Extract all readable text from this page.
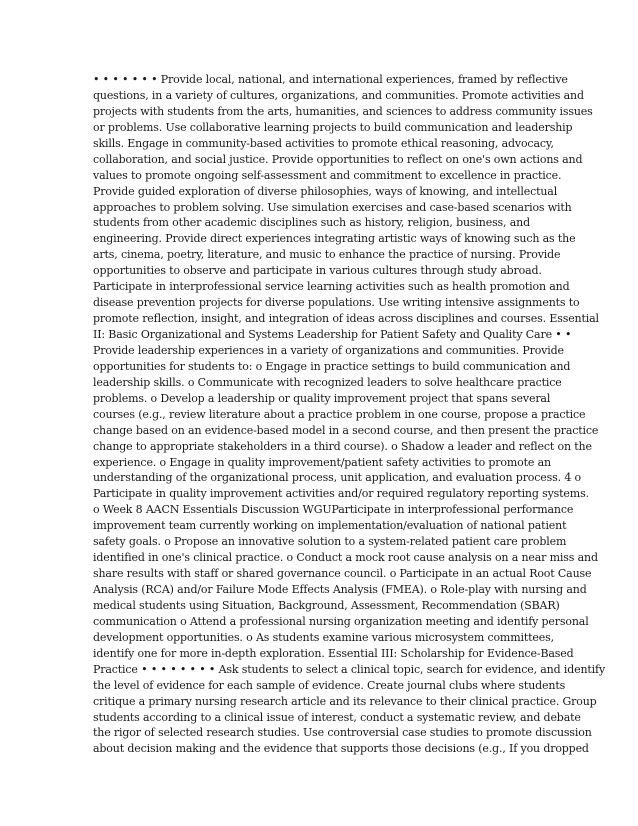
• • • • • • • Provide local, national, and international experiences, framed by reflective
questions, in a variety of cultures, organizations, and communities. Promote activities and
projects with students from the arts, humanities, and sciences to address community issues
or problems. Use collaborative learning projects to build communication and leadership
skills. Engage in community-based activities to promote ethical reasoning, advocacy,
collaboration, and social justice. Provide opportunities to reflect on one's own actions and
values to promote ongoing self-assessment and commitment to excellence in practice.
Provide guided exploration of diverse philosophies, ways of knowing, and intellectual
approaches to problem solving. Use simulation exercises and case-based scenarios with
students from other academic disciplines such as history, religion, business, and
engineering. Provide direct experiences integrating artistic ways of knowing such as the
arts, cinema, poetry, literature, and music to enhance the practice of nursing. Provide
opportunities to observe and participate in various cultures through study abroad.
Participate in interprofessional service learning activities such as health promotion and
disease prevention projects for diverse populations. Use writing intensive assignments to
promote reflection, insight, and integration of ideas across disciplines and courses. Essential
II: Basic Organizational and Systems Leadership for Patient Safety and Quality Care • •
Provide leadership experiences in a variety of organizations and communities. Provide
opportunities for students to: o Engage in practice settings to build communication and
leadership skills. o Communicate with recognized leaders to solve healthcare practice
problems. o Develop a leadership or quality improvement project that spans several
courses (e.g., review literature about a practice problem in one course, propose a practice
change based on an evidence-based model in a second course, and then present the practice
change to appropriate stakeholders in a third course). o Shadow a leader and reflect on the
experience. o Engage in quality improvement/patient safety activities to promote an
understanding of the organizational process, unit application, and evaluation process. 4 o
Participate in quality improvement activities and/or required regulatory reporting systems.
o Week 8 AACN Essentials Discussion WGUParticipate in interprofessional performance
improvement team currently working on implementation/evaluation of national patient
safety goals. o Propose an innovative solution to a system-related patient care problem
identified in one's clinical practice. o Conduct a mock root cause analysis on a near miss and
share results with staff or shared governance council. o Participate in an actual Root Cause
Analysis (RCA) and/or Failure Mode Effects Analysis (FMEA). o Role-play with nursing and
medical students using Situation, Background, Assessment, Recommendation (SBAR)
communication o Attend a professional nursing organization meeting and identify personal
development opportunities. o As students examine various microsystem committees,
identify one for more in-depth exploration. Essential III: Scholarship for Evidence-Based
Practice • • • • • • • • Ask students to select a clinical topic, search for evidence, and identify
the level of evidence for each sample of evidence. Create journal clubs where students
critique a primary nursing research article and its relevance to their clinical practice. Group
students according to a clinical issue of interest, conduct a systematic review, and debate
the rigor of selected research studies. Use controversial case studies to promote discussion
about decision making and the evidence that supports those decisions (e.g., If you dropped
